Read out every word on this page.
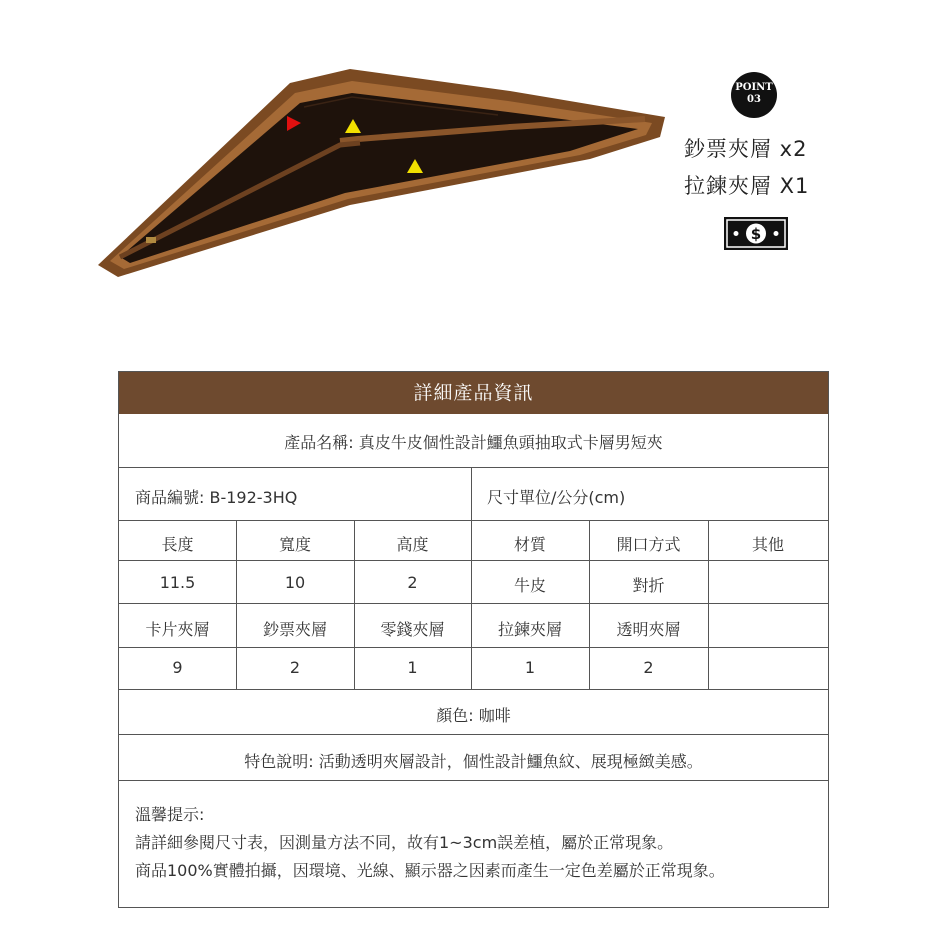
POINT
03
鈔票夾層 x2
拉鍊夾層 X1
$
詳細產品資訊
產品名稱: 真皮牛皮個性設計鱷魚頭抽取式卡層男短夾
商品編號: B-192-3HQ	尺寸單位/公分(cm)
長度	寬度	高度	材質	開口方式	其他
11.5	10	2	牛皮	對折
卡片夾層	鈔票夾層	零錢夾層	拉鍊夾層	透明夾層
9	2	1	1	2
顏色: 咖啡
特色說明: 活動透明夾層設計，個性設計鱷魚紋、展現極緻美感。
溫馨提示:
請詳細參閱尺寸表，因測量方法不同，故有1~3cm誤差植，屬於正常現象。
商品100%實體拍攝，因環境、光線、顯示器之因素而產生一定色差屬於正常現象。
